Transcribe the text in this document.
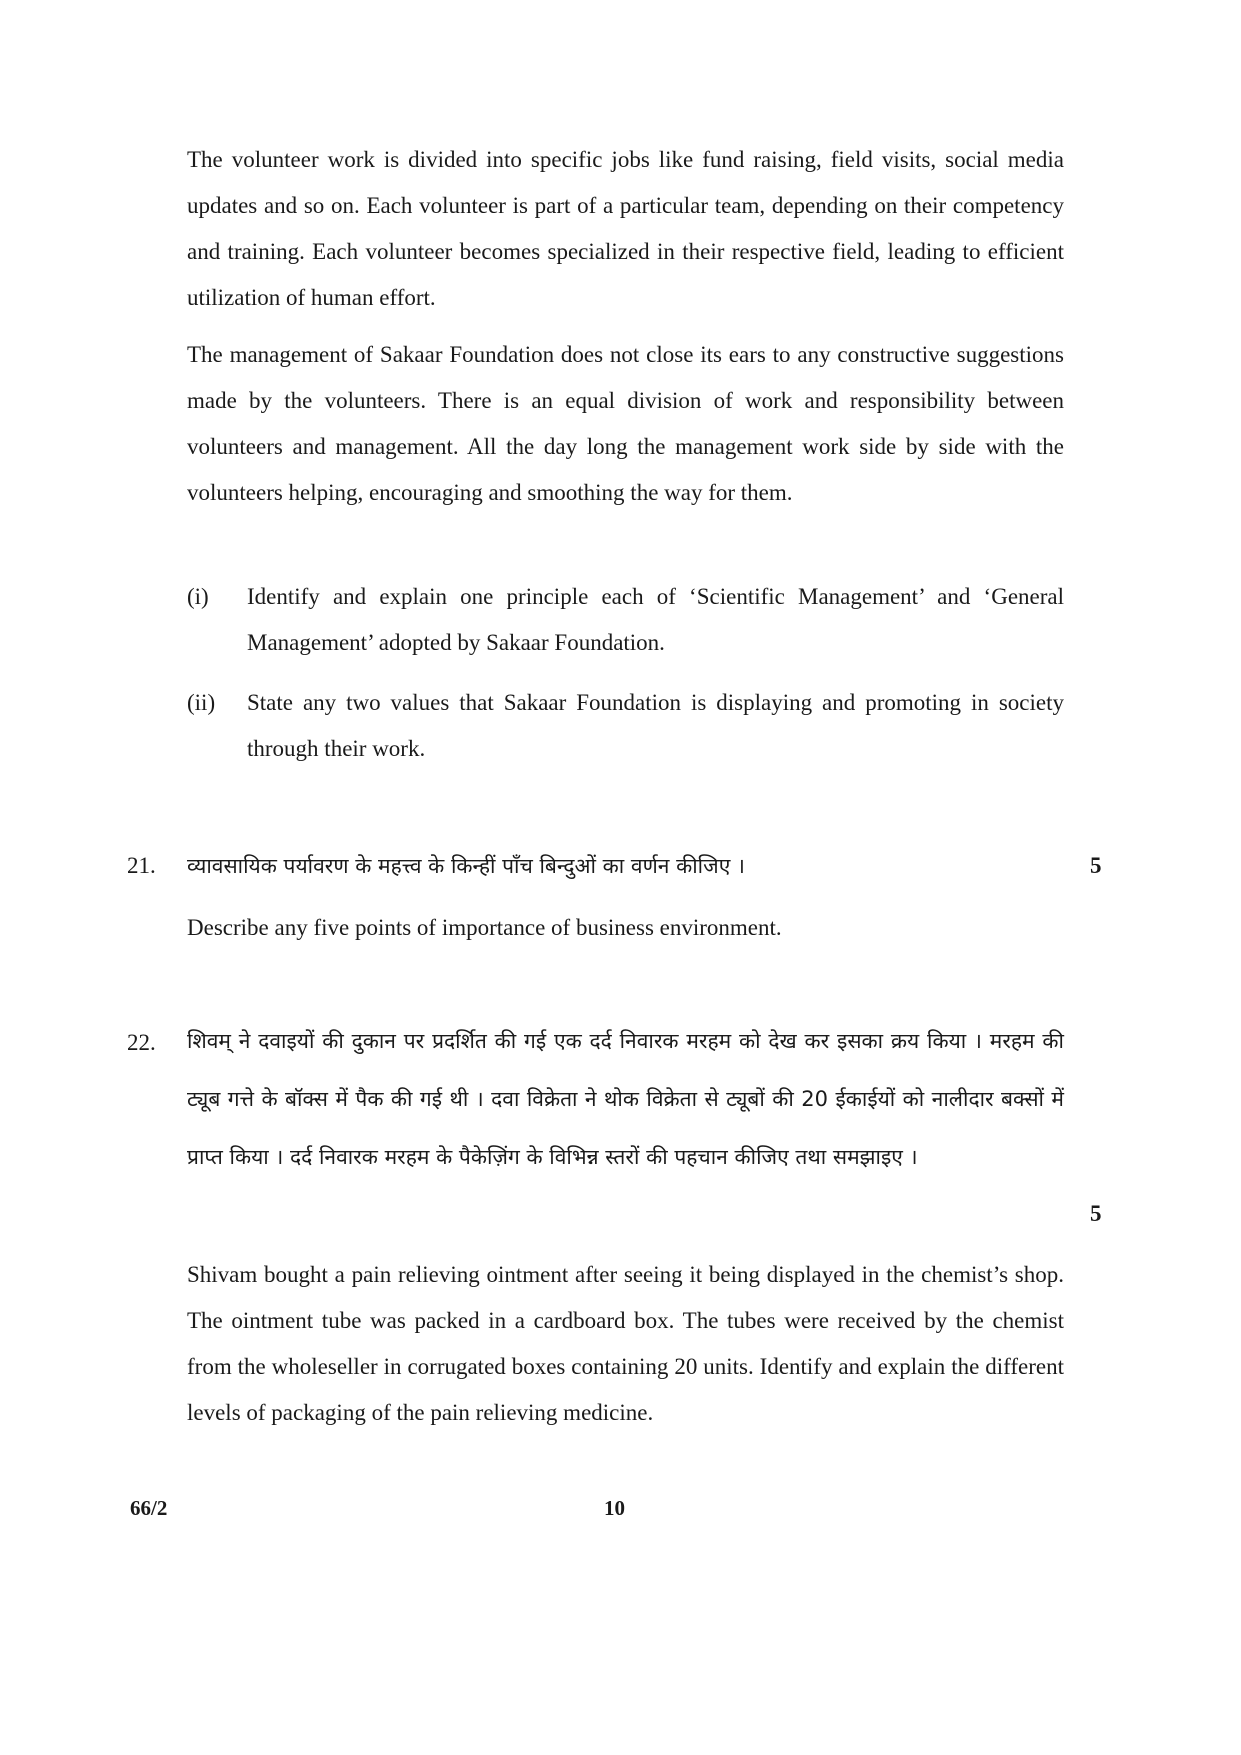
The volunteer work is divided into specific jobs like fund raising, field visits, social media updates and so on. Each volunteer is part of a particular team, depending on their competency and training. Each volunteer becomes specialized in their respective field, leading to efficient utilization of human effort.

The management of Sakaar Foundation does not close its ears to any constructive suggestions made by the volunteers. There is an equal division of work and responsibility between volunteers and management. All the day long the management work side by side with the volunteers helping, encouraging and smoothing the way for them.

(i) Identify and explain one principle each of ‘Scientific Management’ and ‘General Management’ adopted by Sakaar Foundation.

(ii) State any two values that Sakaar Foundation is displaying and promoting in society through their work.

21. व्यावसायिक पर्यावरण के महत्त्व के किन्हीं पाँच बिन्दुओं का वर्णन कीजिए ।	5

Describe any five points of importance of business environment.

22. शिवम् ने दवाइयों की दुकान पर प्रदर्शित की गई एक दर्द निवारक मरहम को देख कर इसका क्रय किया । मरहम की ट्यूब गत्ते के बॉक्स में पैक की गई थी । दवा विक्रेता ने थोक विक्रेता से ट्यूबों की 20 ईकाईयों को नालीदार बक्सों में प्राप्त किया । दर्द निवारक मरहम के पैकेज़िंग के विभिन्न स्तरों की पहचान कीजिए तथा समझाइए ।

5

Shivam bought a pain relieving ointment after seeing it being displayed in the chemist’s shop. The ointment tube was packed in a cardboard box. The tubes were received by the chemist from the wholeseller in corrugated boxes containing 20 units. Identify and explain the different levels of packaging of the pain relieving medicine.

66/2	10
